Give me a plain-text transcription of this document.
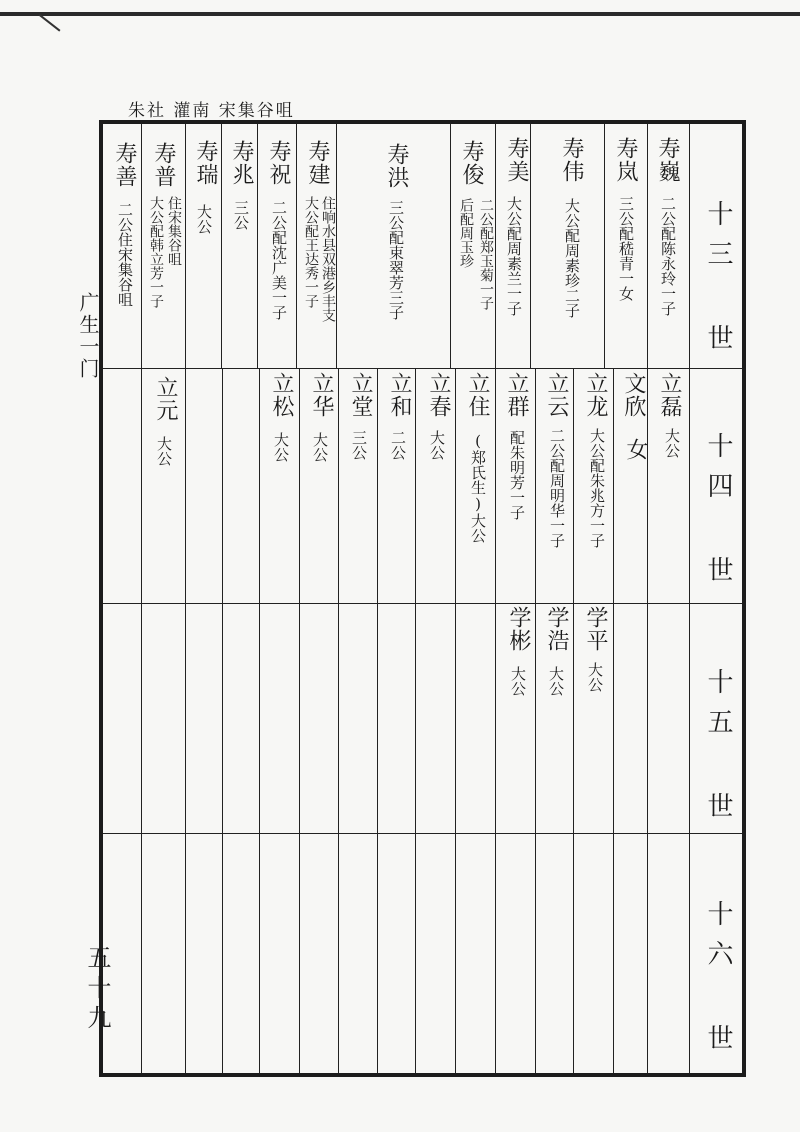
朱社 灌南 宋集谷咀
十三 世
十四 世
十五 世
十六 世
寿巍
二公配陈永玲一子
寿岚
三公配嵇青一女
寿伟
大公配周素珍二子
寿美
大公配周素兰一子
寿俊
二公配郑玉菊一子
后配周玉珍
寿洪
三公配束翠芳三子
寿建
住响水县双港乡丰支
大公配王达秀一子
寿祝
二公配沈广美一子
寿兆
三公
寿瑞
大公
寿普
住宋集谷咀
大公配韩立芳一子
寿善
二公住宋集谷咀
立磊
大公
文欣
女
立龙
大公配朱兆方一子
立云
二公配周明华一子
立群
配朱明芳一子
立住
(郑氏生)大公
立春
大公
立和
二公
立堂
三公
立华
大公
立松
大公
立元
大公
学平
大公
学浩
大公
学彬
大公
广生一门
五十九
